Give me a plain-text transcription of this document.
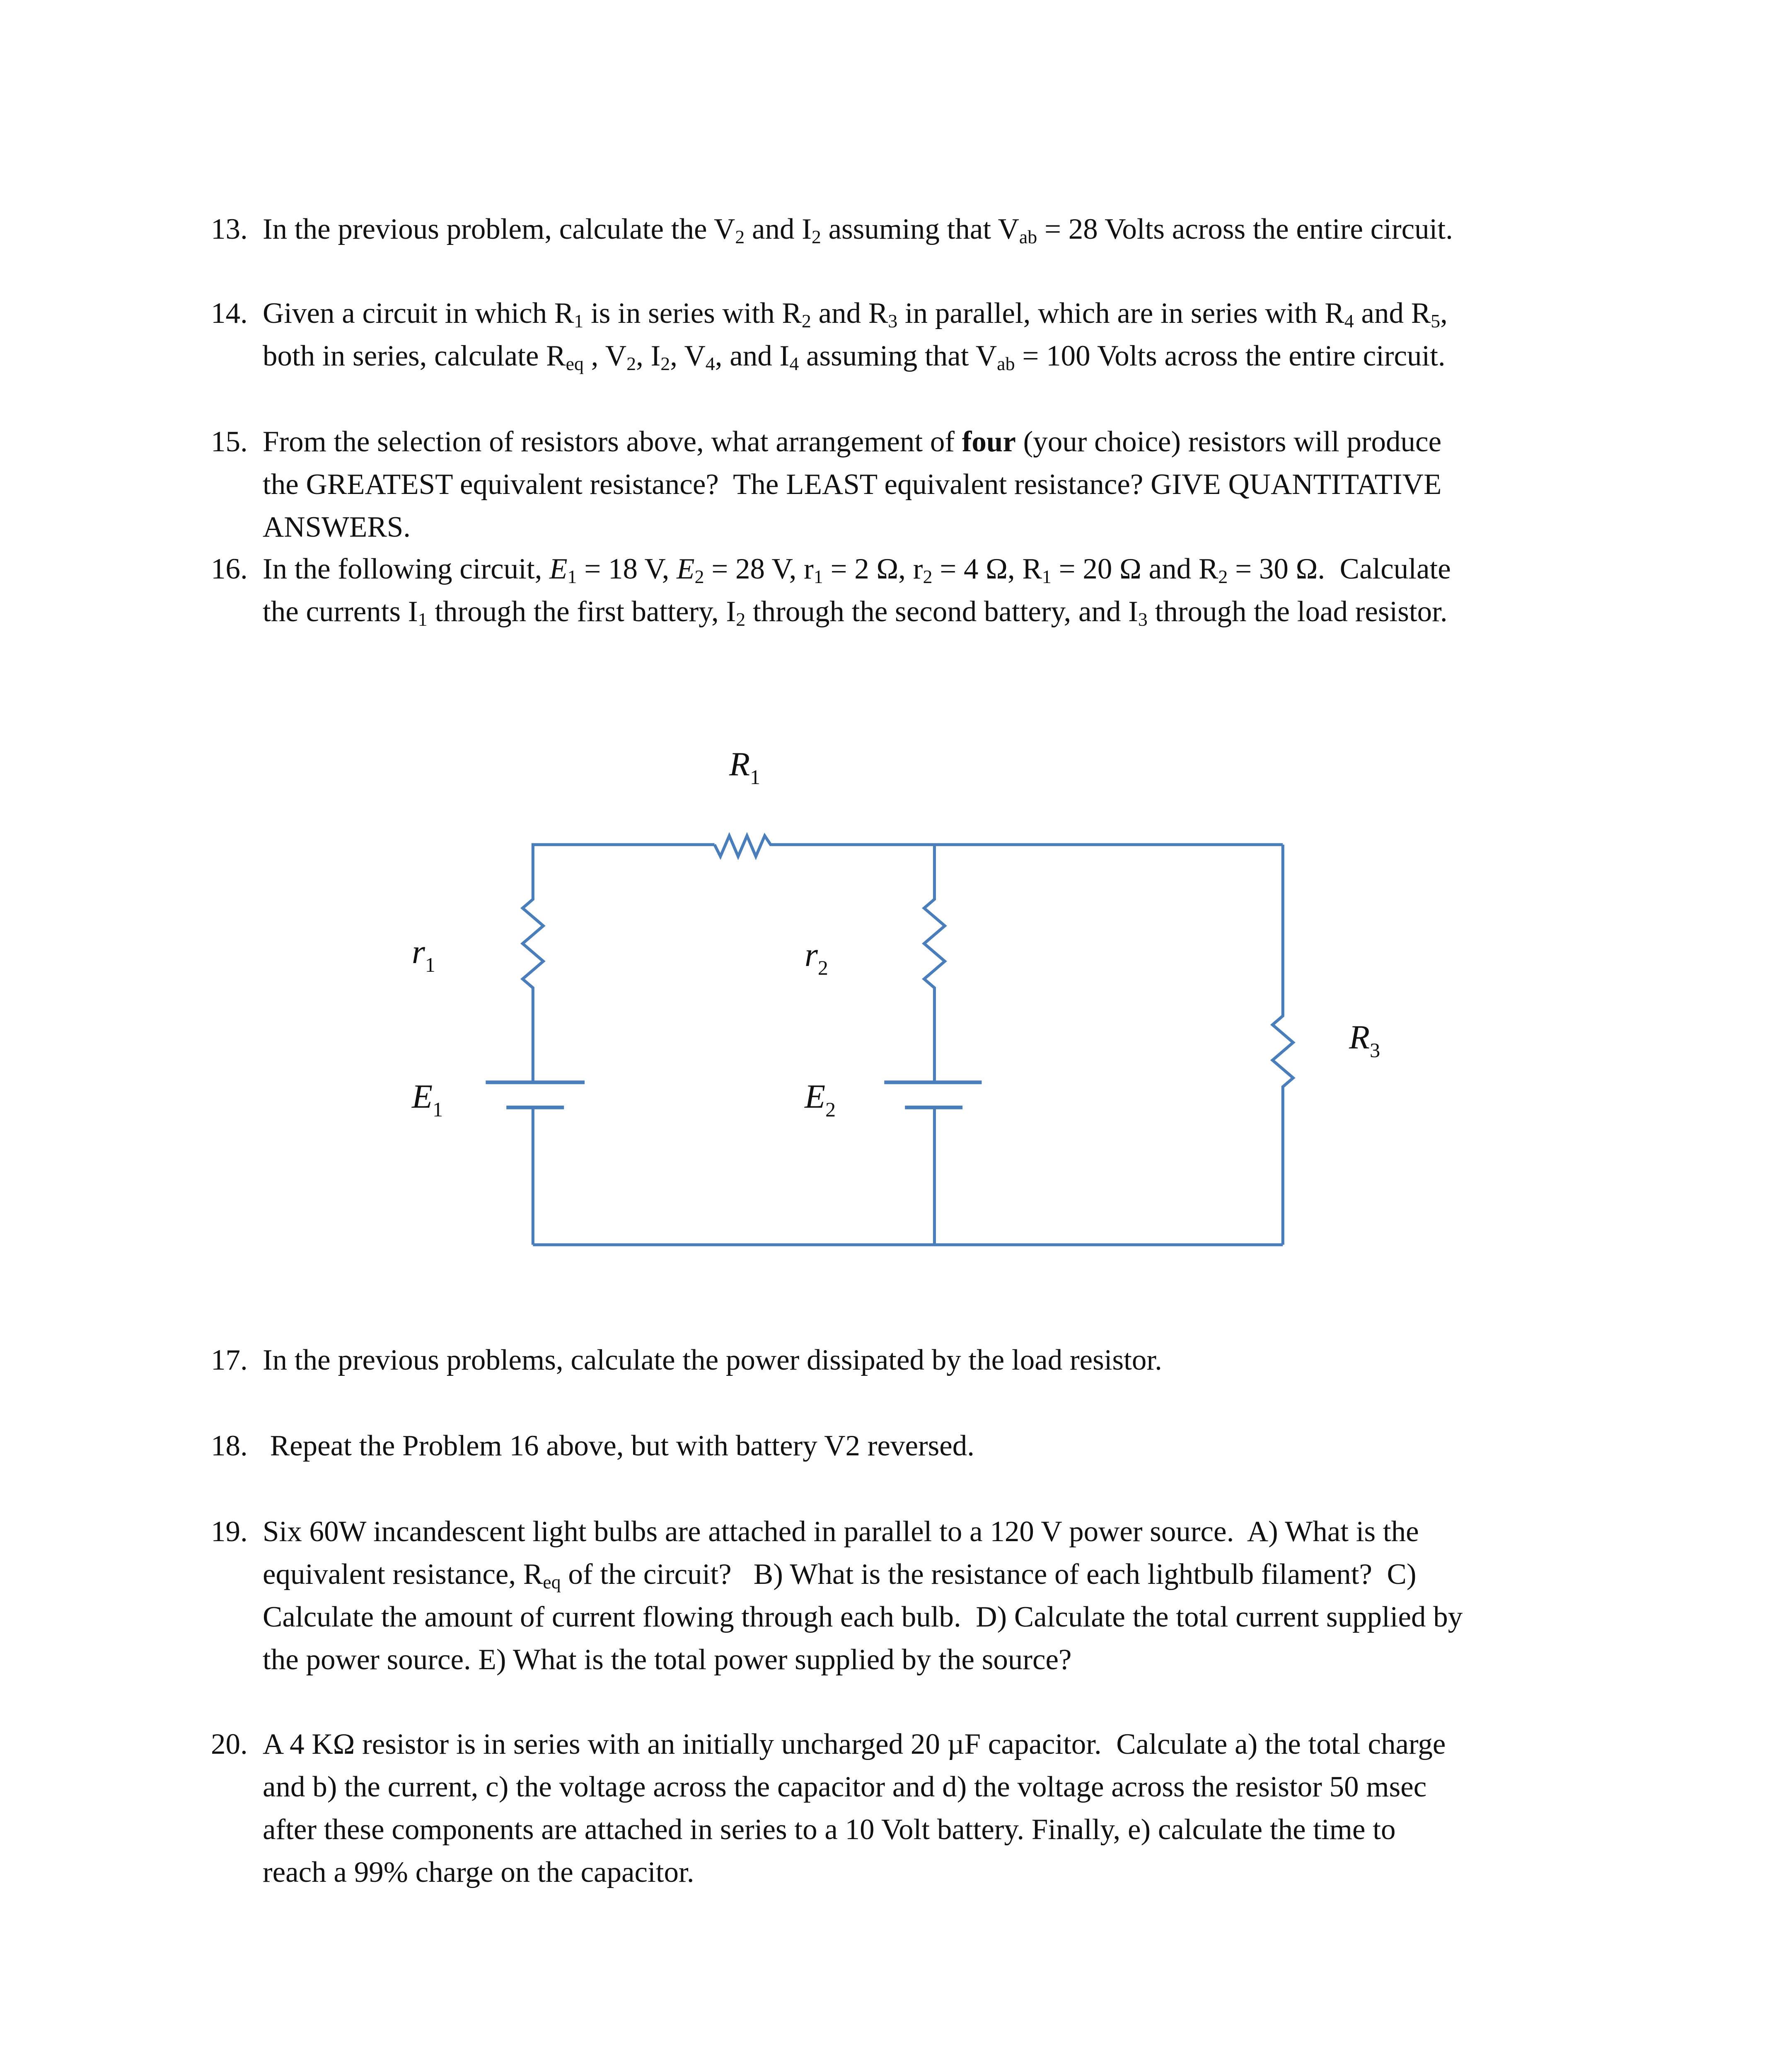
13. In the previous problem, calculate the $V_2$ and $I_2$ assuming that $V_{ab} = 28$ Volts across the entire circuit.
14. Given a circuit in which $R_1$ is in series with $R_2$ and $R_3$ in parallel, which are in series with $R_4$ and $R_5$,
both in series, calculate $R_{eq}$ , $V_2$, $I_2$, $V_4$, and $I_4$ assuming that $V_{ab} = 100$ Volts across the entire circuit.
15. From the selection of resistors above, what arrangement of four (your choice) resistors will produce
the GREATEST equivalent resistance?  The LEAST equivalent resistance? GIVE QUANTITATIVE
ANSWERS.
16. In the following circuit, $E_1 = 18$ V, $E_2 = 28$ V, $r_1 = 2$ Ω, $r_2 = 4$ Ω, $R_1 = 20$ Ω and $R_2 = 30$ Ω.  Calculate
the currents $I_1$ through the first battery, $I_2$ through the second battery, and $I_3$ through the load resistor.
$R_1$
$r_1$	$r_2$
$R_3$
$E_1$	$E_2$
17. In the previous problems, calculate the power dissipated by the load resistor.
18. Repeat the Problem 16 above, but with battery V2 reversed.
19. Six 60W incandescent light bulbs are attached in parallel to a 120 V power source.  A) What is the
equivalent resistance, $R_{eq}$ of the circuit?   B) What is the resistance of each lightbulb filament?  C)
Calculate the amount of current flowing through each bulb.  D) Calculate the total current supplied by
the power source. E) What is the total power supplied by the source?
20. A 4 KΩ resistor is in series with an initially uncharged 20 µF capacitor.  Calculate a) the total charge
and b) the current, c) the voltage across the capacitor and d) the voltage across the resistor 50 msec
after these components are attached in series to a 10 Volt battery. Finally, e) calculate the time to
reach a 99% charge on the capacitor.
